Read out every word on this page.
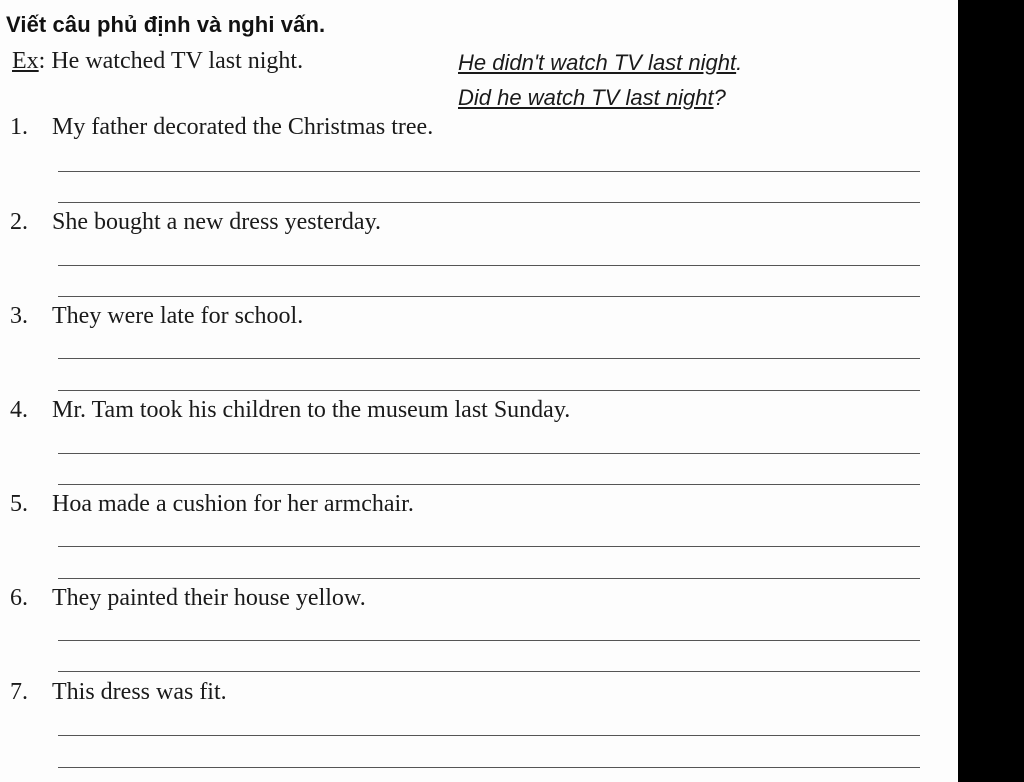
Viết câu phủ định và nghi vấn.
Ex: He watched TV last night.	He didn't watch TV last night.
Did he watch TV last night?
1. My father decorated the Christmas tree.
2. She bought a new dress yesterday.
3. They were late for school.
4. Mr. Tam took his children to the museum last Sunday.
5. Hoa made a cushion for her armchair.
6. They painted their house yellow.
7. This dress was fit.
